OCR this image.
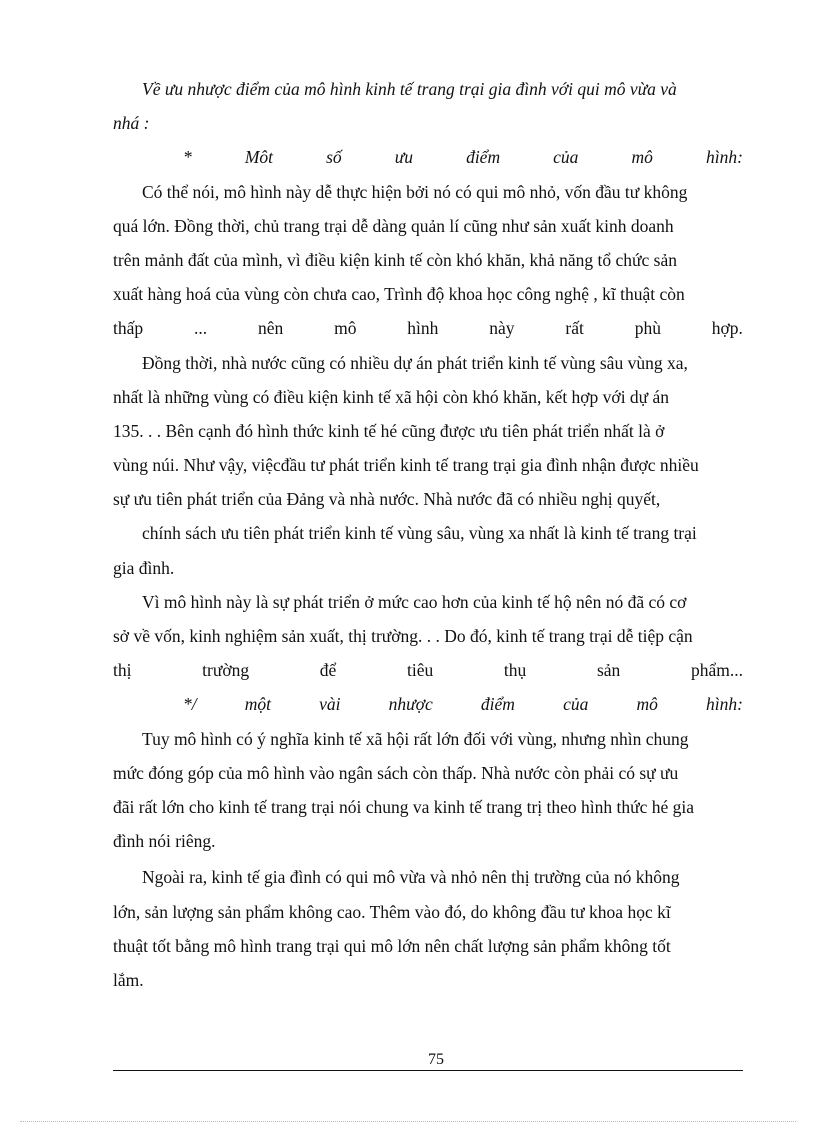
Về ưu nhược điểm của mô hình kinh tế trang trại gia đình với qui mô vừa và
nhá :
*	Môt	số	ưu	điểm	của	mô	hình:
Có thể nói, mô hình này dễ thực hiện bởi nó có qui mô nhỏ, vốn đầu tư không
quá lớn. Đồng thời, chủ trang trại dễ dàng quản lí cũng như sản xuất kinh doanh
trên mảnh đất của mình, vì điều kiện kinh tế còn khó khăn, khả năng tổ chức sản
xuất hàng hoá của vùng còn chưa cao, Trình độ khoa học công nghệ , kĩ thuật còn
thấp	...	nên	mô	hình	này	rất	phù	hợp.
Đồng thời, nhà nước cũng có nhiều dự án phát triển kinh tế vùng sâu vùng xa,
nhất là những vùng có điều kiện kinh tế xã hội còn khó khăn, kết hợp với dự án
135. . . Bên cạnh đó hình thức kinh tế hé cũng được ưu tiên phát triển nhất là ở
vùng núi. Như vậy, việcđầu tư phát triển kinh tế trang trại gia đình nhận được nhiều
sự ưu tiên phát triển của Đảng và nhà nước. Nhà nước đã có nhiều nghị quyết,
chính sách ưu tiên phát triển kinh tế vùng sâu, vùng xa nhất là kinh tế trang trại
gia đình.
Vì mô hình này là sự phát triển ở mức cao hơn của kinh tế hộ nên nó đã có cơ
sở về vốn, kinh nghiệm sản xuất, thị trường. . . Do đó, kinh tế trang trại dễ tiệp cận
thị	trường	để	tiêu	thụ	sản	phẩm...
*/	một	vài	nhược	điểm	của	mô	hình:
Tuy mô hình có ý nghĩa kinh tế xã hội rất lớn đối với vùng, nhưng nhìn chung
mức đóng góp của mô hình vào ngân sách còn thấp. Nhà nước còn phải có sự ưu
đãi rất lớn cho kinh tế trang trại nói chung va kinh tế trang trị theo hình thức hé gia
đình nói riêng.
Ngoài ra, kinh tế gia đình có qui mô vừa và nhỏ nên thị trường của nó không
lớn, sản lượng sản phẩm không cao. Thêm vào đó, do không đầu tư khoa học kĩ
thuật tốt bằng mô hình trang trại qui mô lớn nên chất lượng sản phẩm không tốt
lắm.
75
